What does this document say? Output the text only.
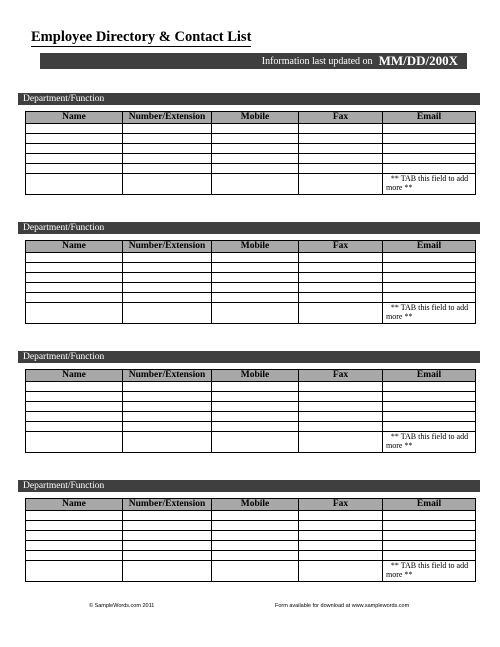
Employee Directory & Contact List
Information last updated on MM/DD/200X
Department/Function
Name	Number/Extension	Mobile	Fax	Email

				** TAB this field to add
more **
Department/Function
Name	Number/Extension	Mobile	Fax	Email

				** TAB this field to add
more **
Department/Function
Name	Number/Extension	Mobile	Fax	Email

				** TAB this field to add
more **
Department/Function
Name	Number/Extension	Mobile	Fax	Email

				** TAB this field to add
more **
© SampleWords.com 2011	Form available for download at www.samplewords.com
